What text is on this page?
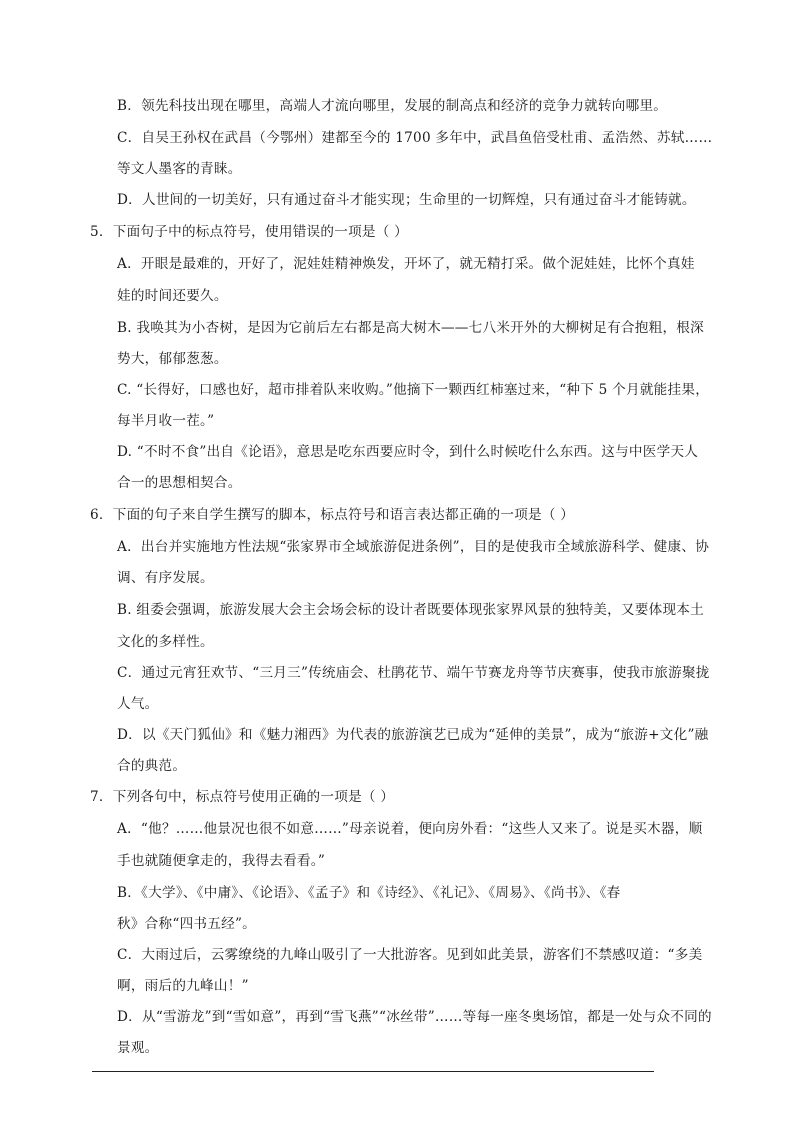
B．领先科技出现在哪里，高端人才流向哪里，发展的制高点和经济的竞争力就转向哪里。
C．自吴王孙权在武昌（今鄂州）建都至今的 1700 多年中，武昌鱼倍受杜甫、孟浩然、苏轼……
等文人墨客的青睐。
D．人世间的一切美好，只有通过奋斗才能实现；生命里的一切辉煌，只有通过奋斗才能铸就。
5．下面句子中的标点符号，使用错误的一项是（ ）
A．开眼是最难的，开好了，泥娃娃精神焕发，开坏了，就无精打采。做个泥娃娃，比怀个真娃
娃的时间还要久。
B. 我唤其为小杏树，是因为它前后左右都是高大树木——七八米开外的大柳树足有合抱粗，根深
势大，郁郁葱葱。
C. “长得好，口感也好，超市排着队来收购。”他摘下一颗西红柿塞过来，“种下 5 个月就能挂果，
每半月收一茬。”
D. “不时不食”出自《论语》，意思是吃东西要应时令，到什么时候吃什么东西。这与中医学天人
合一的思想相契合。
6．下面的句子来自学生撰写的脚本，标点符号和语言表达都正确的一项是（ ）
A．出台并实施地方性法规“张家界市全域旅游促进条例”，目的是使我市全域旅游科学、健康、协
调、有序发展。
B. 组委会强调，旅游发展大会主会场会标的设计者既要体现张家界风景的独特美，又要体现本土
文化的多样性。
C．通过元宵狂欢节、“三月三”传统庙会、杜鹃花节、端午节赛龙舟等节庆赛事，使我市旅游聚拢
人气。
D．以《天门狐仙》和《魅力湘西》为代表的旅游演艺已成为“延伸的美景”，成为“旅游+文化”融
合的典范。
7．下列各句中，标点符号使用正确的一项是（ ）
A．“他？……他景况也很不如意……”母亲说着，便向房外看：“这些人又来了。说是买木器，顺
手也就随便拿走的，我得去看看。”
B．《大学》、《中庸》、《论语》、《孟子》和《诗经》、《礼记》、《周易》、《尚书》、《春
秋》合称“四书五经”。
C．大雨过后，云雾缭绕的九峰山吸引了一大批游客。见到如此美景，游客们不禁感叹道：“多美
啊，雨后的九峰山！”
D．从“雪游龙”到“雪如意”，再到“雪飞燕”“冰丝带”……等每一座冬奥场馆，都是一处与众不同的
景观。
